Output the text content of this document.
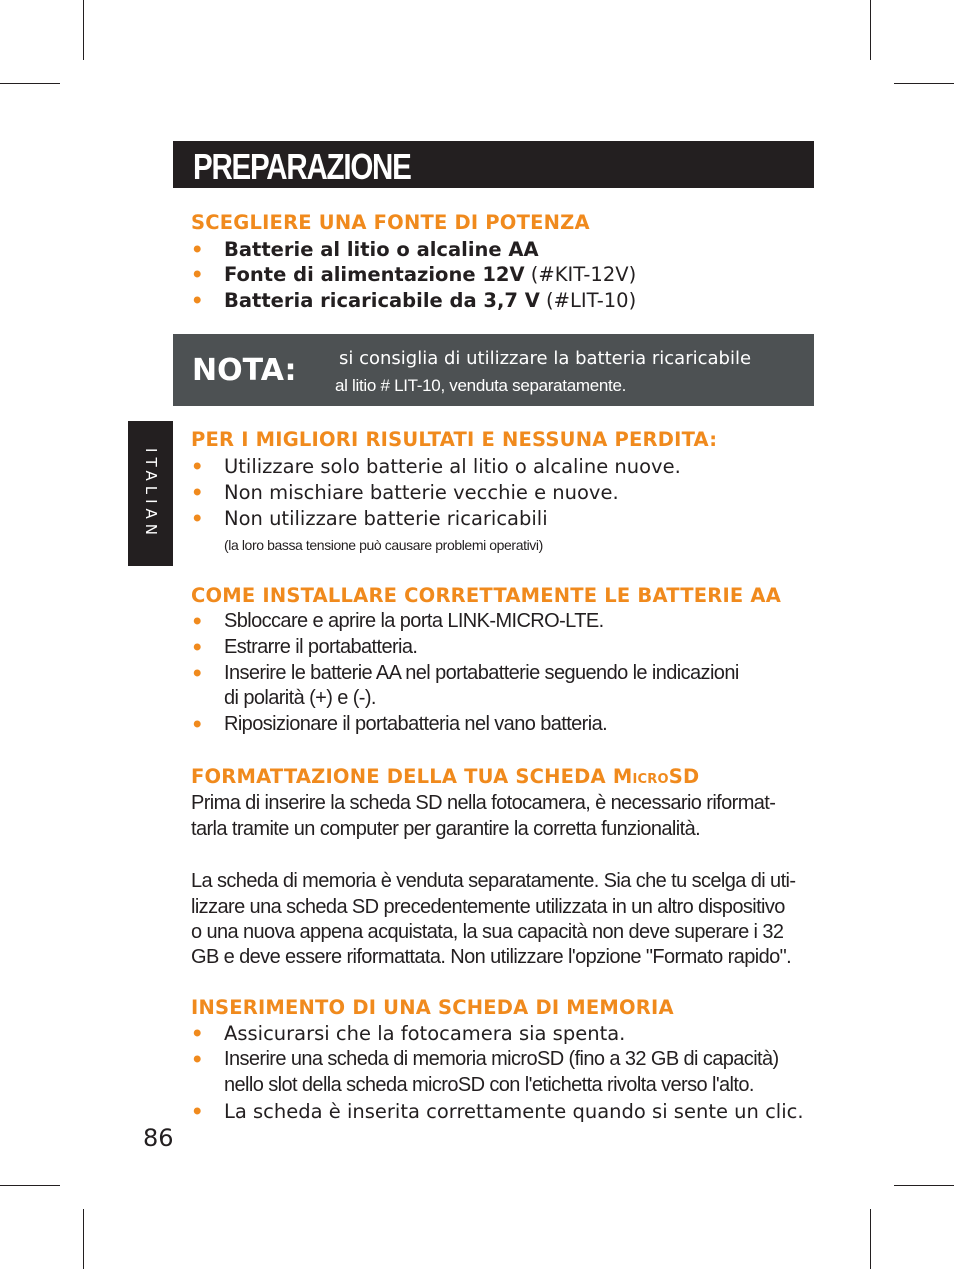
PREPARAZIONE
ITALIAN
SCEGLIERE UNA FONTE DI POTENZA
• Batterie al litio o alcaline AA
• Fonte di alimentazione 12V (#KIT-12V)
• Batteria ricaricabile da 3,7 V (#LIT-10)
NOTA: si consiglia di utilizzare la batteria ricaricabile
al litio # LIT-10, venduta separatamente.
PER I MIGLIORI RISULTATI E NESSUNA PERDITA:
• Utilizzare solo batterie al litio o alcaline nuove.
• Non mischiare batterie vecchie e nuove.
• Non utilizzare batterie ricaricabili
(la loro bassa tensione può causare problemi operativi)
COME INSTALLARE CORRETTAMENTE LE BATTERIE AA
• Sbloccare e aprire la porta LINK-MICRO-LTE.
• Estrarre il portabatteria.
• Inserire le batterie AA nel portabatterie seguendo le indicazioni
di polarità (+) e (-).
• Riposizionare il portabatteria nel vano batteria.
FORMATTAZIONE DELLA TUA SCHEDA MICROSD
Prima di inserire la scheda SD nella fotocamera, è necessario riformat-
tarla tramite un computer per garantire la corretta funzionalità.
La scheda di memoria è venduta separatamente. Sia che tu scelga di uti-
lizzare una scheda SD precedentemente utilizzata in un altro dispositivo
o una nuova appena acquistata, la sua capacità non deve superare i 32
GB e deve essere riformattata. Non utilizzare l'opzione "Formato rapido".
INSERIMENTO DI UNA SCHEDA DI MEMORIA
• Assicurarsi che la fotocamera sia spenta.
• Inserire una scheda di memoria microSD (fino a 32 GB di capacità)
nello slot della scheda microSD con l'etichetta rivolta verso l'alto.
• La scheda è inserita correttamente quando si sente un clic.
86
